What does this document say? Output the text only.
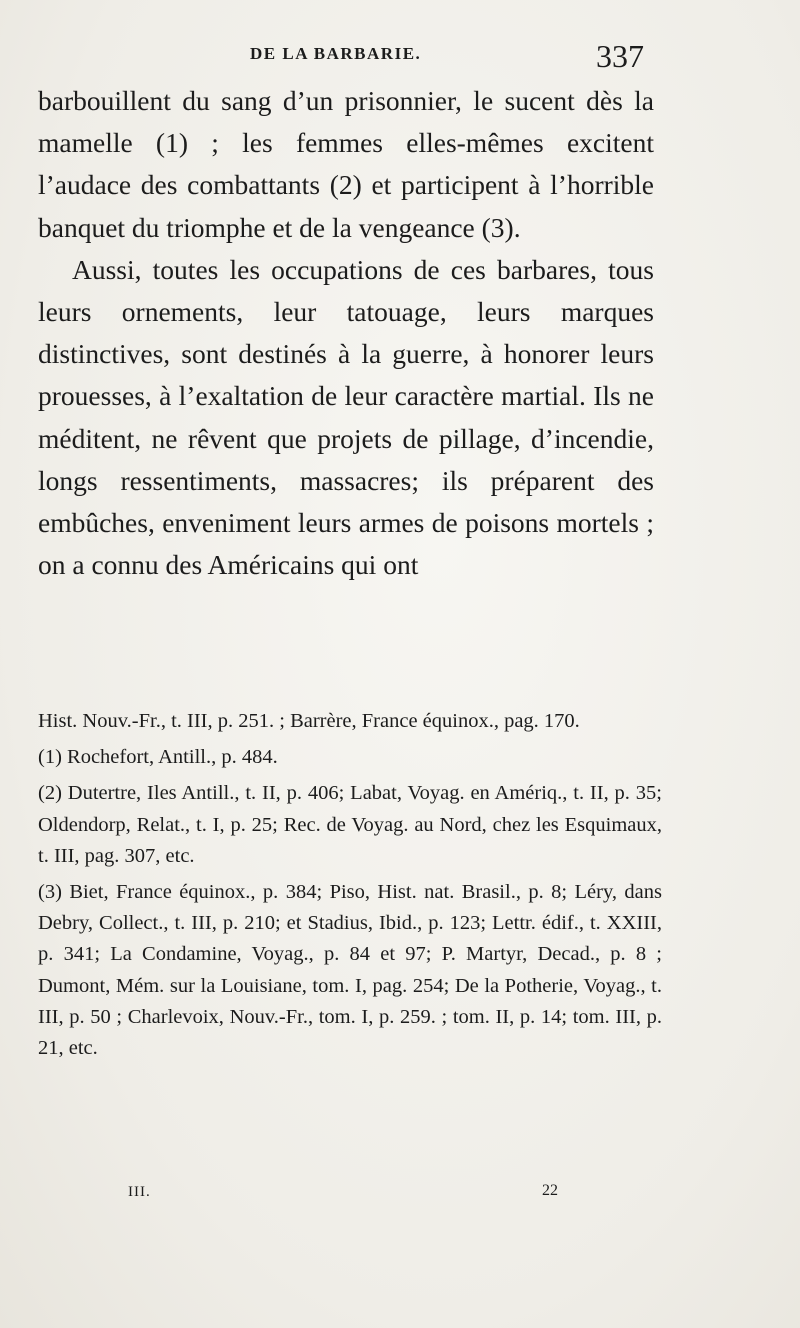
DE LA BARBARIE.	337

barbouillent du sang d’un prisonnier, le sucent dès la mamelle (1) ; les femmes elles-mêmes excitent l’audace des combattants (2) et participent à l’horrible banquet du triomphe et de la vengeance (3).

Aussi, toutes les occupations de ces barbares, tous leurs ornements, leur tatouage, leurs marques distinctives, sont destinés à la guerre, à honorer leurs prouesses, à l’exaltation de leur caractère martial. Ils ne méditent, ne rêvent que projets de pillage, d’incendie, longs ressentiments, massacres; ils préparent des embûches, enveniment leurs armes de poisons mortels ; on a connu des Américains qui ont

Hist. Nouv.-Fr., t. III, p. 251. ; Barrère, France équinox., pag. 170.

(1) Rochefort, Antill., p. 484.

(2) Dutertre, Iles Antill., t. II, p. 406; Labat, Voyag. en Amériq., t. II, p. 35; Oldendorp, Relat., t. I, p. 25; Rec. de Voyag. au Nord, chez les Esquimaux, t. III, pag. 307, etc.

(3) Biet, France équinox., p. 384; Piso, Hist. nat. Brasil., p. 8; Léry, dans Debry, Collect., t. III, p. 210; et Stadius, Ibid., p. 123; Lettr. édif., t. XXIII, p. 341; La Condamine, Voyag., p. 84 et 97; P. Martyr, Decad., p. 8 ; Dumont, Mém. sur la Louisiane, tom. I, pag. 254; De la Potherie, Voyag., t. III, p. 50 ; Charlevoix, Nouv.-Fr., tom. I, p. 259. ; tom. II, p. 14; tom. III, p. 21, etc.

III.	22
